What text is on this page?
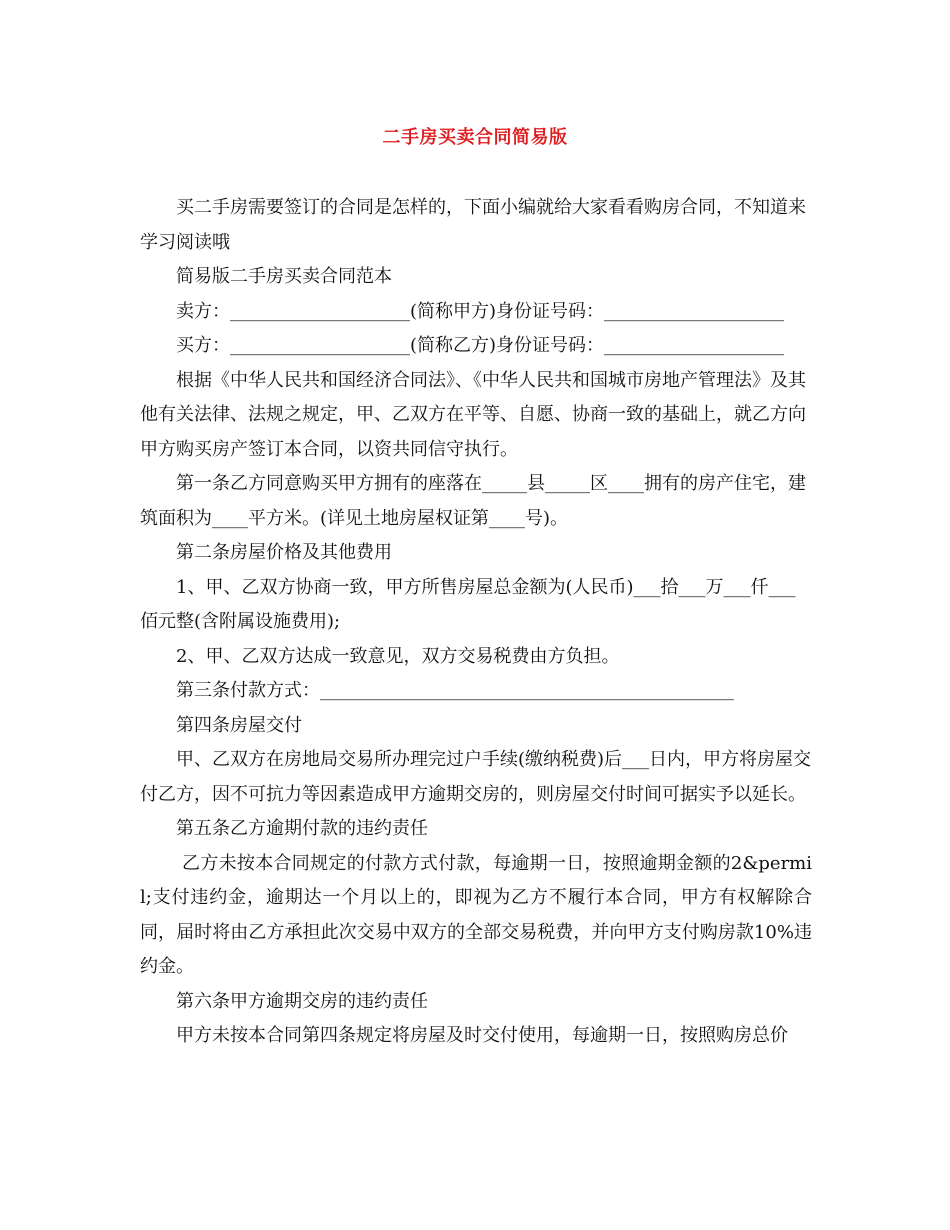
二手房买卖合同简易版

买二手房需要签订的合同是怎样的，下面小编就给大家看看购房合同，不知道来学习阅读哦

简易版二手房买卖合同范本

卖方：____________________(简称甲方)身份证号码：____________________

买方：____________________(简称乙方)身份证号码：____________________

根据《中华人民共和国经济合同法》、《中华人民共和国城市房地产管理法》及其他有关法律、法规之规定，甲、乙双方在平等、自愿、协商一致的基础上，就乙方向甲方购买房产签订本合同，以资共同信守执行。

第一条乙方同意购买甲方拥有的座落在_____县_____区____拥有的房产住宅，建筑面积为____平方米。(详见土地房屋权证第____号)。

第二条房屋价格及其他费用

1、甲、乙双方协商一致，甲方所售房屋总金额为(人民币)___拾___万___仟___佰元整(含附属设施费用);

2、甲、乙双方达成一致意见，双方交易税费由方负担。

第三条付款方式：______________________________________________

第四条房屋交付

甲、乙双方在房地局交易所办理完过户手续(缴纳税费)后___日内，甲方将房屋交付乙方，因不可抗力等因素造成甲方逾期交房的，则房屋交付时间可据实予以延长。

第五条乙方逾期付款的违约责任

乙方未按本合同规定的付款方式付款，每逾期一日，按照逾期金额的2&permil;支付违约金，逾期达一个月以上的，即视为乙方不履行本合同，甲方有权解除合同，届时将由乙方承担此次交易中双方的全部交易税费，并向甲方支付购房款10%违约金。

第六条甲方逾期交房的违约责任

甲方未按本合同第四条规定将房屋及时交付使用，每逾期一日，按照购房总价
